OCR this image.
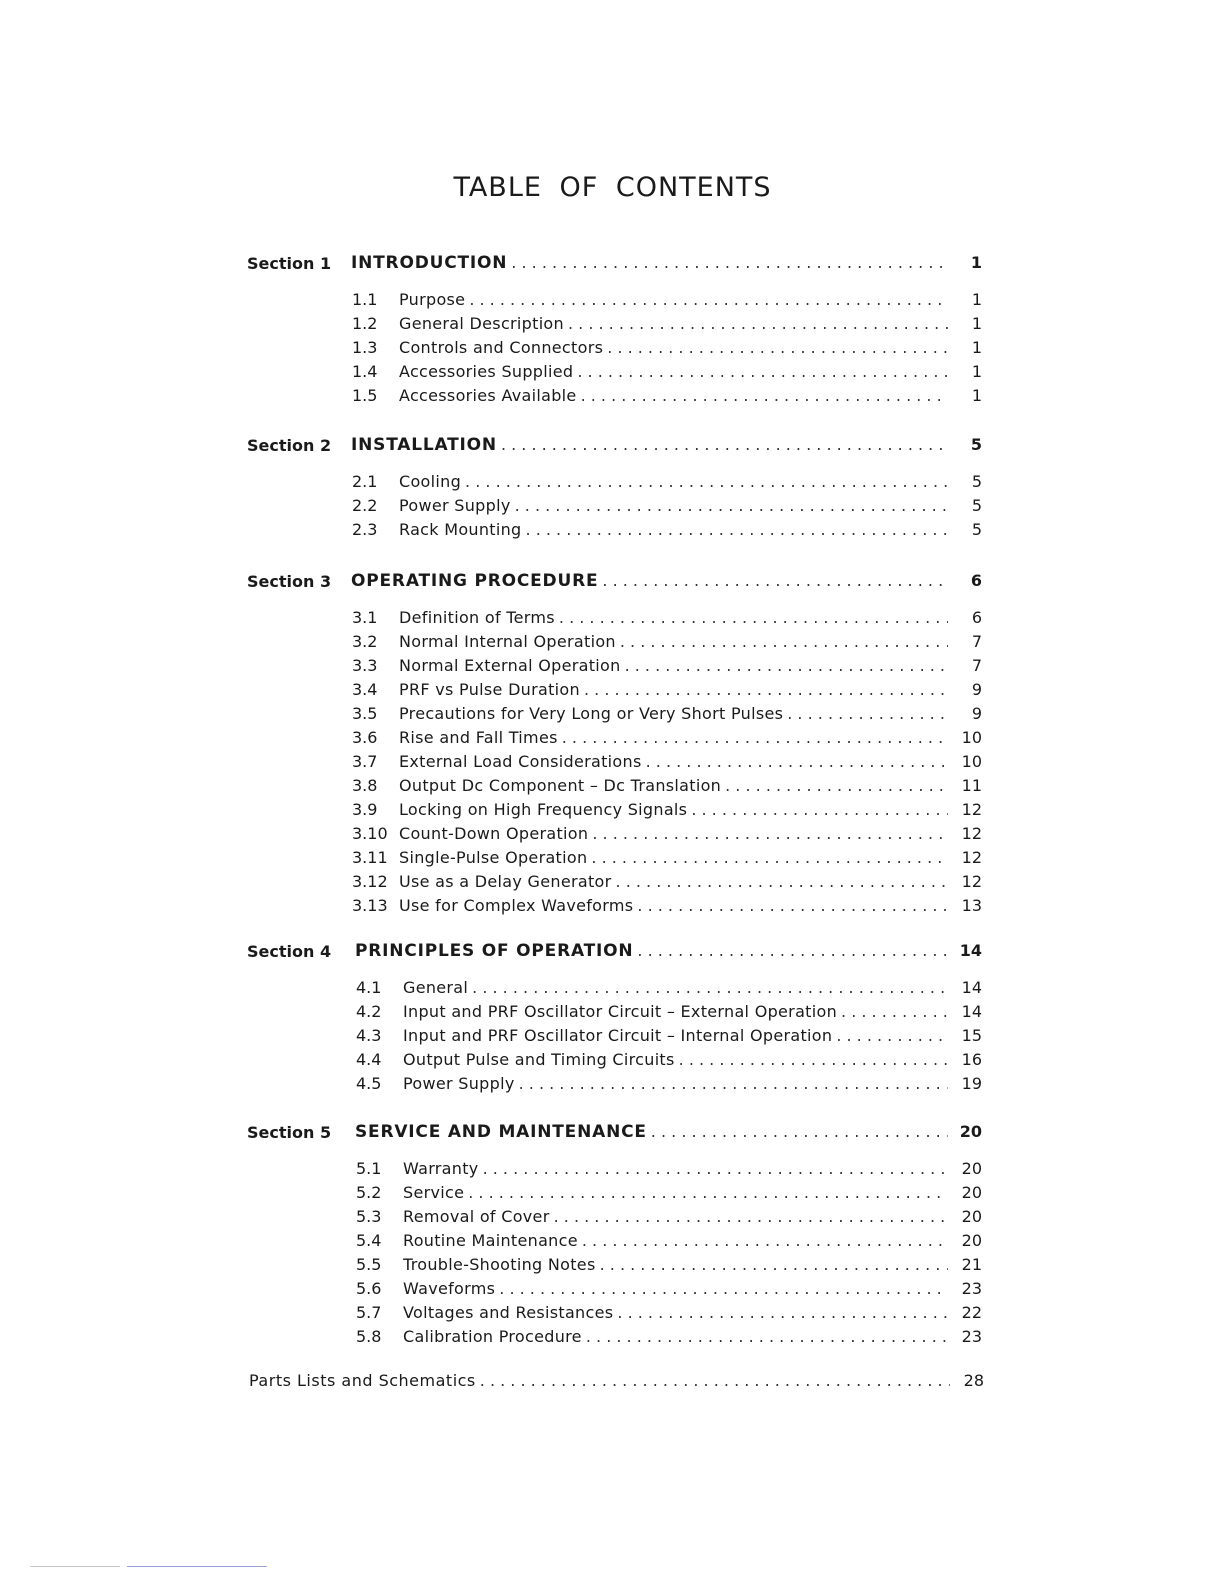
TABLE OF CONTENTS
Section 1 INTRODUCTION . . .	1
1.1	Purpose . . .	1
1.2	General Description . . .	1
1.3	Controls and Connectors . . .	1
1.4	Accessories Supplied . . .	1
1.5	Accessories Available . . .	1
Section 2 INSTALLATION . . .	5
2.1	Cooling . . .	5
2.2	Power Supply . . .	5
2.3	Rack Mounting . . .	5
Section 3 OPERATING PROCEDURE . . .	6
3.1	Definition of Terms . . .	6
3.2	Normal Internal Operation . . .	7
3.3	Normal External Operation . . .	7
3.4	PRF vs Pulse Duration . . .	9
3.5	Precautions for Very Long or Very Short Pulses . . .	9
3.6	Rise and Fall Times . . .	10
3.7	External Load Considerations . . .	10
3.8	Output Dc Component – Dc Translation . . .	11
3.9	Locking on High Frequency Signals . . .	12
3.10 Count-Down Operation . . .	12
3.11 Single-Pulse Operation . . .	12
3.12 Use as a Delay Generator . . .	12
3.13 Use for Complex Waveforms . . .	13
Section 4 PRINCIPLES OF OPERATION . . .	14
4.1	General . . .	14
4.2	Input and PRF Oscillator Circuit – External Operation . . .	14
4.3	Input and PRF Oscillator Circuit – Internal Operation . . .	15
4.4	Output Pulse and Timing Circuits . . .	16
4.5	Power Supply . . .	19
Section 5 SERVICE AND MAINTENANCE . . .	20
5.1	Warranty . . .	20
5.2	Service . . .	20
5.3	Removal of Cover . . .	20
5.4	Routine Maintenance . . .	20
5.5	Trouble-Shooting Notes . . .	21
5.6	Waveforms . . .	23
5.7	Voltages and Resistances . . .	22
5.8	Calibration Procedure . . .	23
Parts Lists and Schematics . . .	28
